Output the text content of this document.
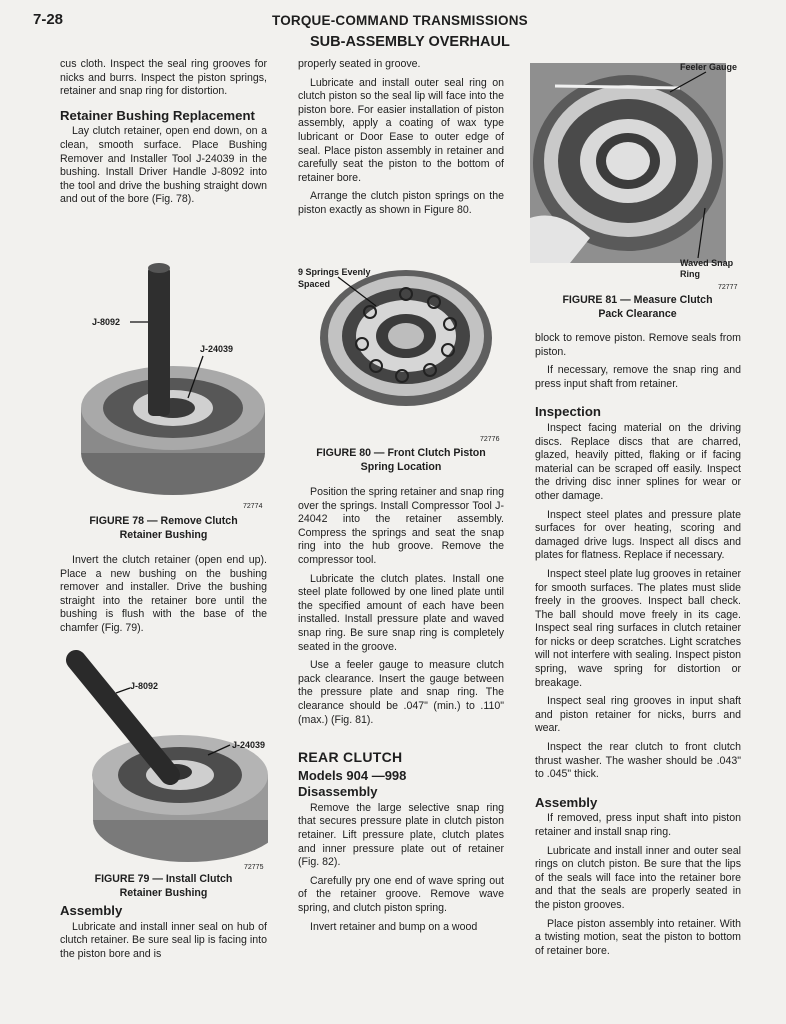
7-28	TORQUE-COMMAND TRANSMISSIONS
SUB-ASSEMBLY OVERHAUL

cus cloth. Inspect the seal ring grooves for nicks and burrs. Inspect the piston springs, retainer and snap ring for distortion.

Retainer Bushing Replacement

Lay clutch retainer, open end down, on a clean, smooth surface. Place Bushing Remover and Installer Tool J-24039 in the bushing. Install Driver Handle J-8092 into the tool and drive the bushing straight down and out of the bore (Fig. 78).

J-8092
J-24039
72774
FIGURE 78 — Remove Clutch
Retainer Bushing

Invert the clutch retainer (open end up). Place a new bushing on the bushing remover and installer. Drive the bushing straight into the retainer bore until the bushing is flush with the base of the chamfer (Fig. 79).

J-8092
J-24039
72775
FIGURE 79 — Install Clutch
Retainer Bushing
Assembly

Lubricate and install inner seal on hub of clutch retainer. Be sure seal lip is facing into the piston bore and is

properly seated in groove.

Lubricate and install outer seal ring on clutch piston so the seal lip will face into the piston bore. For easier installation of piston assembly, apply a coating of wax type lubricant or Door Ease to outer edge of seal. Place piston assembly in retainer and carefully seat the piston to the bottom of retainer bore.

Arrange the clutch piston springs on the piston exactly as shown in Figure 80.

9 Springs Evenly
Spaced
72776
FIGURE 80 — Front Clutch Piston
Spring Location

Position the spring retainer and snap ring over the springs. Install Compressor Tool J-24042 into the retainer assembly. Compress the springs and seat the snap ring into the hub groove. Remove the compressor tool.

Lubricate the clutch plates. Install one steel plate followed by one lined plate until the specified amount of each have been installed. Install pressure plate and waved snap ring. Be sure snap ring is completely seated in the groove.

Use a feeler gauge to measure clutch pack clearance. Insert the gauge between the pressure plate and snap ring. The clearance should be .047" (min.) to .110" (max.) (Fig. 81).

REAR CLUTCH
Models 904 —998
Disassembly

Remove the large selective snap ring that secures pressure plate in clutch piston retainer. Lift pressure plate, clutch plates and inner pressure plate out of retainer (Fig. 82).

Carefully pry one end of wave spring out of the retainer groove. Remove wave spring, and clutch piston spring.

Invert retainer and bump on a wood

Feeler Gauge
Waved Snap
Ring
72777
FIGURE 81 — Measure Clutch
Pack Clearance

block to remove piston. Remove seals from piston.

If necessary, remove the snap ring and press input shaft from retainer.

Inspection

Inspect facing material on the driving discs. Replace discs that are charred, glazed, heavily pitted, flaking or if facing material can be scraped off easily. Inspect the driving disc inner splines for wear or other damage.

Inspect steel plates and pressure plate surfaces for over heating, scoring and damaged drive lugs. Inspect all discs and plates for flatness. Replace if necessary.

Inspect steel plate lug grooves in retainer for smooth surfaces. The plates must slide freely in the grooves. Inspect ball check. The ball should move freely in its cage. Inspect seal ring surfaces in clutch retainer for nicks or deep scratches. Light scratches will not interfere with sealing. Inspect piston spring, wave spring for distortion or breakage.

Inspect seal ring grooves in input shaft and piston retainer for nicks, burrs and wear.

Inspect the rear clutch to front clutch thrust washer. The washer should be .043" to .045" thick.

Assembly

If removed, press input shaft into piston retainer and install snap ring.

Lubricate and install inner and outer seal rings on clutch piston. Be sure that the lips of the seals will face into the retainer bore and that the seals are properly seated in the piston grooves.

Place piston assembly into retainer. With a twisting motion, seat the piston to bottom of retainer bore.
